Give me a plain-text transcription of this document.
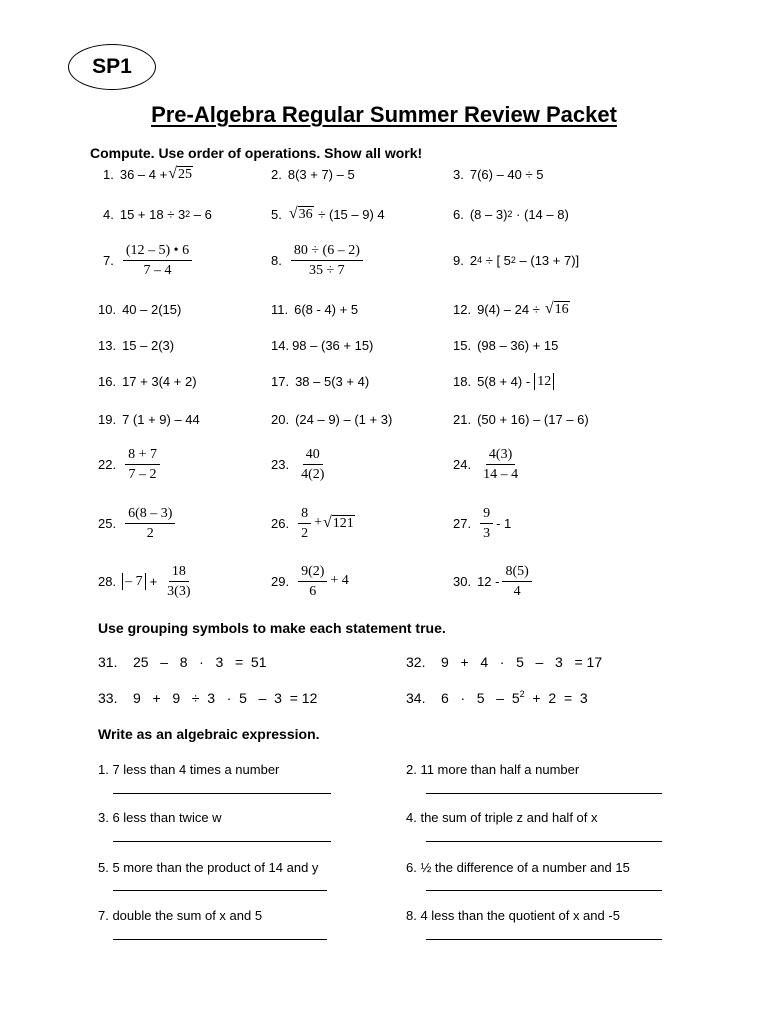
SP1
Pre-Algebra Regular Summer Review Packet
Compute. Use order of operations. Show all work!
1. 36 – 4 + √ 25	2. 8(3 + 7) – 5	3. 7(6) – 40 ÷ 5
4. 15 + 18 ÷ 3 2 – 6	5. √ 36 ÷ (15 – 9) 4	6. (8 – 3) 2 · (14 – 8)
7. $\frac{(12 - 5) • 6}{7 - 4}$	8. $\frac{80 \div (6 - 2)}{35 \div 7}$	9. 2 4 ÷ [ 5 2 – (13 + 7)]
10. 40 – 2(15)	11. 6(8 - 4) + 5	12. 9(4) – 24 ÷ √ 16
13. 15 – 2(3)	14. 98 – (36 + 15)	15. (98 – 36) + 15
16. 17 + 3(4 + 2)	17. 38 – 5(3 + 4)	18. 5(8 + 4) - 12
19. 7 (1 + 9) – 44	20. (24 – 9) – (1 + 3)	21. (50 + 16) – (17 – 6)
22. $\frac{8 + 7}{7 - 2}$	23. $\frac{40}{4(2)}$	24. $\frac{4(3)}{14 - 4}$
25. $\frac{6(8 - 3)}{2}$	26. $\frac{8}{2}$ + √ 121	27. $\frac{9}{3} - 1$
28. – $7 + \frac{18}{3(3)}$	29. $\frac{9(2)}{6} + 4$	30. $12 - \frac{8(5)}{4}$
Use grouping symbols to make each statement true.
31.    25   –   8   ·   3   =  51	32.    9   +   4   ·   5   –   3   = 17
33.    9   +   9   ÷  3   ·  5   –  3  = 12	34.    $6 \cdot 5 - 5^2 + 2 = 3$
Write as an algebraic expression.
1. 7 less than 4 times a number	2. 11 more than half a number
3. 6 less than twice w	4. the sum of triple z and half of x
5. 5 more than the product of 14 and y	6. ½ the difference of a number and 15
7. double the sum of x and 5	8. 4 less than the quotient of x and -5
